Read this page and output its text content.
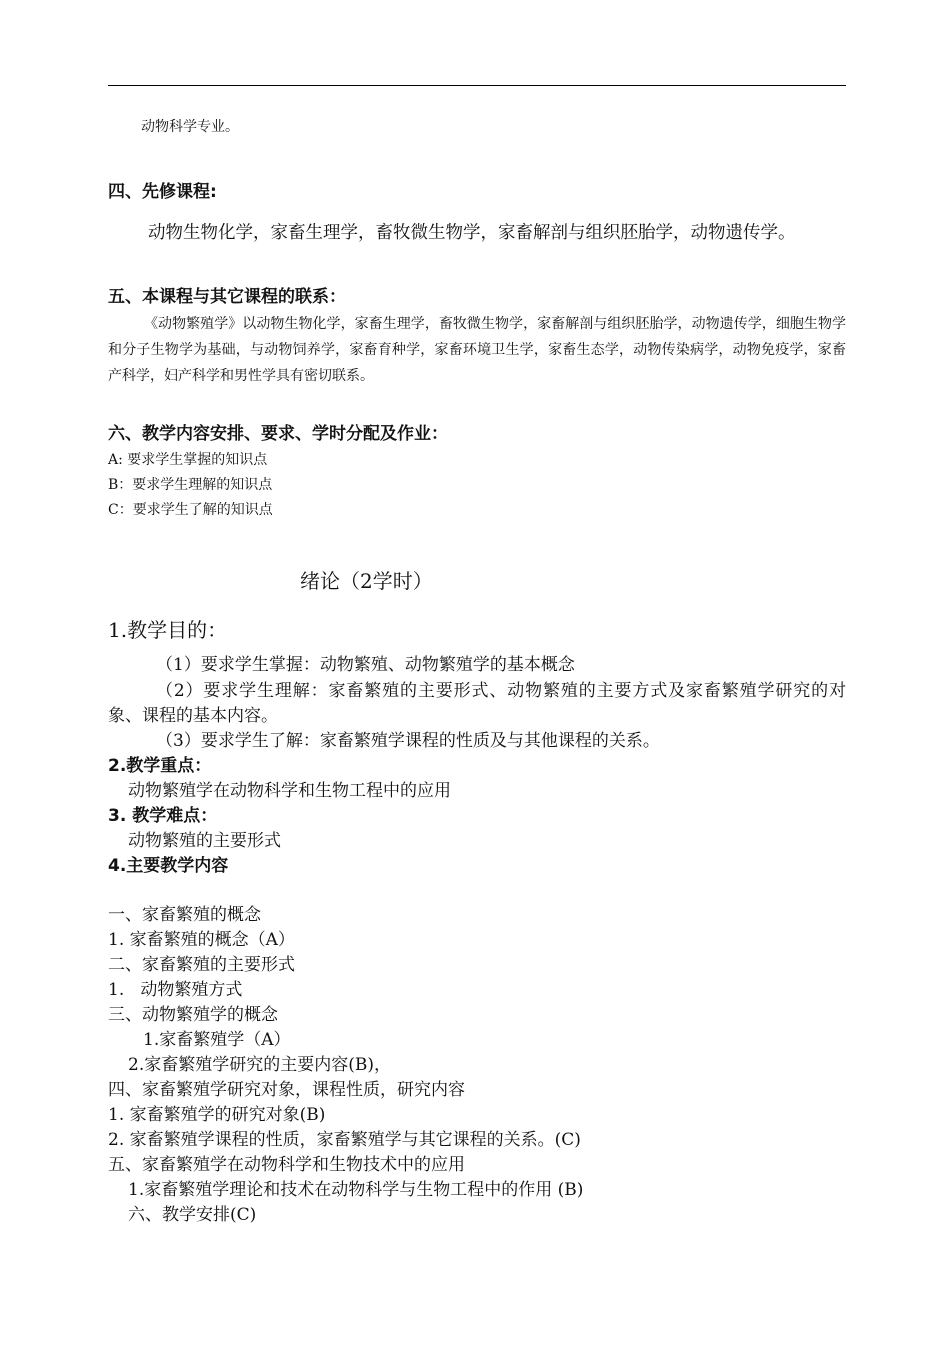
动物科学专业。
四、先修课程:
动物生物化学，家畜生理学，畜牧微生物学，家畜解剖与组织胚胎学，动物遗传学。
五、本课程与其它课程的联系：
《动物繁殖学》以动物生物化学，家畜生理学，畜牧微生物学，家畜解剖与组织胚胎学，动物遗传学，细胞生物学和分子生物学为基础，与动物饲养学，家畜育种学，家畜环境卫生学，家畜生态学，动物传染病学，动物免疫学，家畜产科学，妇产科学和男性学具有密切联系。
六、教学内容安排、要求、学时分配及作业：
A: 要求学生掌握的知识点
B：要求学生理解的知识点
C：要求学生了解的知识点
绪论（2学时）
1.教学目的：
（1）要求学生掌握：动物繁殖、动物繁殖学的基本概念
（2）要求学生理解：家畜繁殖的主要形式、动物繁殖的主要方式及家畜繁殖学研究的对象、课程的基本内容。
（3）要求学生了解：家畜繁殖学课程的性质及与其他课程的关系。
2.教学重点：
动物繁殖学在动物科学和生物工程中的应用
3. 教学难点：
动物繁殖的主要形式
4.主要教学内容
一、家畜繁殖的概念
1. 家畜繁殖的概念（A）
二、家畜繁殖的主要形式
1.   动物繁殖方式
三、动物繁殖学的概念
1.家畜繁殖学（A）
2.家畜繁殖学研究的主要内容(B)，
四、家畜繁殖学研究对象，课程性质，研究内容
1. 家畜繁殖学的研究对象(B)
2. 家畜繁殖学课程的性质，家畜繁殖学与其它课程的关系。(C)
五、家畜繁殖学在动物科学和生物技术中的应用
1.家畜繁殖学理论和技术在动物科学与生物工程中的作用 (B)
六、教学安排(C)
